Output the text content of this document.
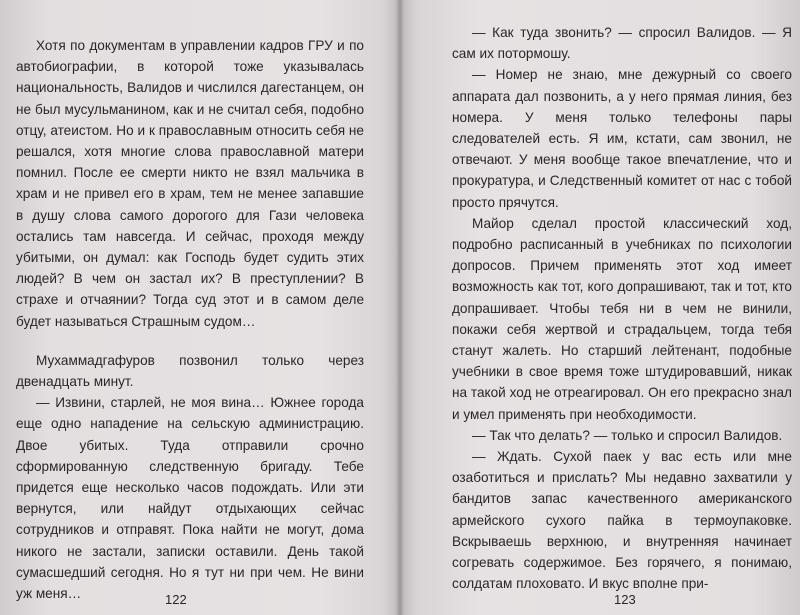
Хотя по документам в управлении кадров ГРУ и по автобиографии, в которой тоже указывалась национальность, Валидов и числился дагестанцем, он не был мусульманином, как и не считал себя, подобно отцу, атеистом. Но и к православным относить себя не решался, хотя многие слова православной матери помнил. После ее смерти никто не взял мальчика в храм и не привел его в храм, тем не менее запавшие в душу слова самого дорогого для Гази человека остались там навсегда. И сейчас, проходя между убитыми, он думал: как Господь будет судить этих людей? В чем он застал их? В преступлении? В страхе и отчаянии? Тогда суд этот и в самом деле будет называться Страшным судом…

Мухаммадгафуров позвонил только через двенадцать минут.

— Извини, старлей, не моя вина… Южнее города еще одно нападение на сельскую администрацию. Двое убитых. Туда отправили срочно сформированную следственную бригаду. Тебе придется еще несколько часов подождать. Или эти вернутся, или найдут отдыхающих сейчас сотрудников и отправят. Пока найти не могут, дома никого не застали, записки оставили. День такой сумасшедший сегодня. Но я тут ни при чем. Не вини уж меня…	122

— Как туда звонить? — спросил Валидов. — Я сам их потормошу.

— Номер не знаю, мне дежурный со своего аппарата дал позвонить, а у него прямая линия, без номера. У меня только телефоны пары следователей есть. Я им, кстати, сам звонил, не отвечают. У меня вообще такое впечатление, что и прокуратура, и Следственный комитет от нас с тобой просто прячутся.

Майор сделал простой классический ход, подробно расписанный в учебниках по психологии допросов. Причем применять этот ход имеет возможность как тот, кого допрашивают, так и тот, кто допрашивает. Чтобы тебя ни в чем не винили, покажи себя жертвой и страдальцем, тогда тебя станут жалеть. Но старший лейтенант, подобные учебники в свое время тоже штудировавший, никак на такой ход не отреагировал. Он его прекрасно знал и умел применять при необходимости.

— Так что делать? — только и спросил Валидов.

— Ждать. Сухой паек у вас есть или мне озаботиться и прислать? Мы недавно захватили у бандитов запас качественного американского армейского сухого пайка в термоупаковке. Вскрываешь верхнюю, и внутренняя начинает согревать содержимое. Без горячего, я понимаю, солдатам плоховато. И вкус вполне при-

123
